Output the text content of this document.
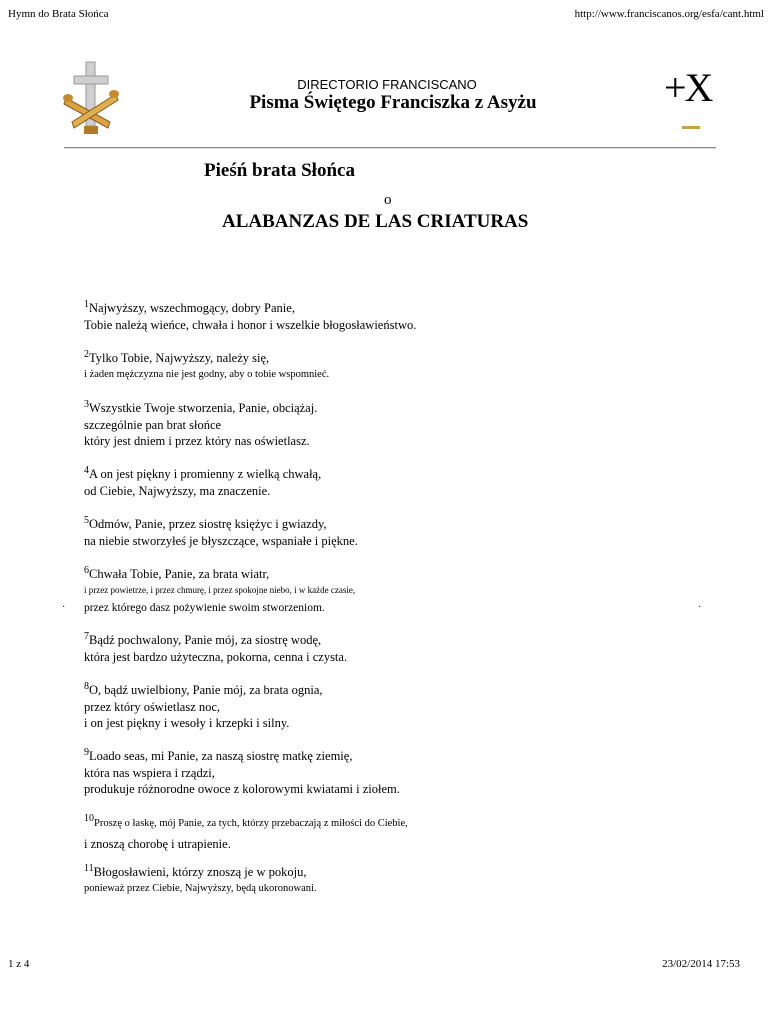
Hymn do Brata Słońca	http://www.franciscanos.org/esfa/cant.html
DIRECTORIO FRANCISCANO
Pisma Świętego Franciszka z Asyżu	+X
Pieśń brata Słońca
o
ALABANZAS DE LAS CRIATURAS
$^1$Najwyższy, wszechmogący, dobry Panie,
Tobie należą wieńce, chwała i honor i wszelkie błogosławieństwo.
$^2$Tylko Tobie, Najwyższy, należy się,
i żaden mężczyzna nie jest godny, aby o tobie wspomnieć.
$^3$Wszystkie Twoje stworzenia, Panie, obciążaj.
szczególnie pan brat słońce
który jest dniem i przez który nas oświetlasz.
$^4$A on jest piękny i promienny z wielką chwałą,
od Ciebie, Najwyższy, ma znaczenie.
$^5$Odmów, Panie, przez siostrę księżyc i gwiazdy,
na niebie stworzyłeś je błyszczące, wspaniałe i piękne.
$^6$Chwała Tobie, Panie, za brata wiatr,
i przez powietrze, i przez chmurę, i przez spokojne niebo, i w każde czasie,
przez którego dasz pożywienie swoim stworzeniom.
·	·
$^7$Bądź pochwalony, Panie mój, za siostrę wodę,
która jest bardzo użyteczna, pokorna, cenna i czysta.
$^8$O, bądź uwielbiony, Panie mój, za brata ognia,
przez który oświetlasz noc,
i on jest piękny i wesoły i krzepki i silny.
$^9$Loado seas, mi Panie, za naszą siostrę matkę ziemię,
która nas wspiera i rządzi,
produkuje różnorodne owoce z kolorowymi kwiatami i ziołem.
$^{10}$Proszę o łaskę, mój Panie, za tych, którzy przebaczają z miłości do Ciebie,
i znoszą chorobę i utrapienie.
$^{11}$Błogosławieni, którzy znoszą je w pokoju,
ponieważ przez Ciebie, Najwyższy, będą ukoronowani.
1 z 4	23/02/2014 17:53
